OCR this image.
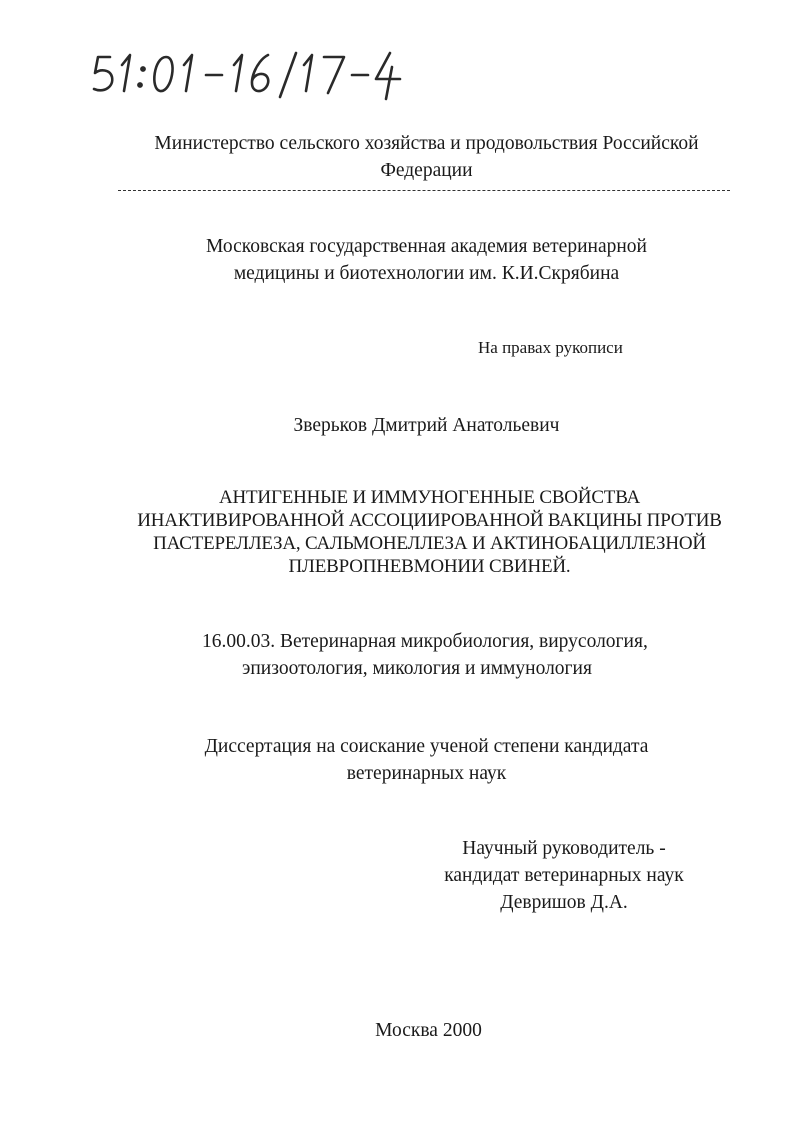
Министерство сельского хозяйства и продовольствия Российской
Федерации
Московская государственная академия ветеринарной
медицины и биотехнологии им. К.И.Скрябина
На правах рукописи
Зверьков Дмитрий Анатольевич
АНТИГЕННЫЕ И ИММУНОГЕННЫЕ СВОЙСТВА
ИНАКТИВИРОВАННОЙ АССОЦИИРОВАННОЙ ВАКЦИНЫ ПРОТИВ
ПАСТЕРЕЛЛЕЗА, САЛЬМОНЕЛЛЕЗА И АКТИНОБАЦИЛЛЕЗНОЙ
ПЛЕВРОПНЕВМОНИИ СВИНЕЙ.
16.00.03. Ветеринарная микробиология, вирусология,
эпизоотология, микология и иммунология
Диссертация на соискание ученой степени кандидата
ветеринарных наук
Научный руководитель -
кандидат ветеринарных наук
Девришов Д.А.
Москва 2000
